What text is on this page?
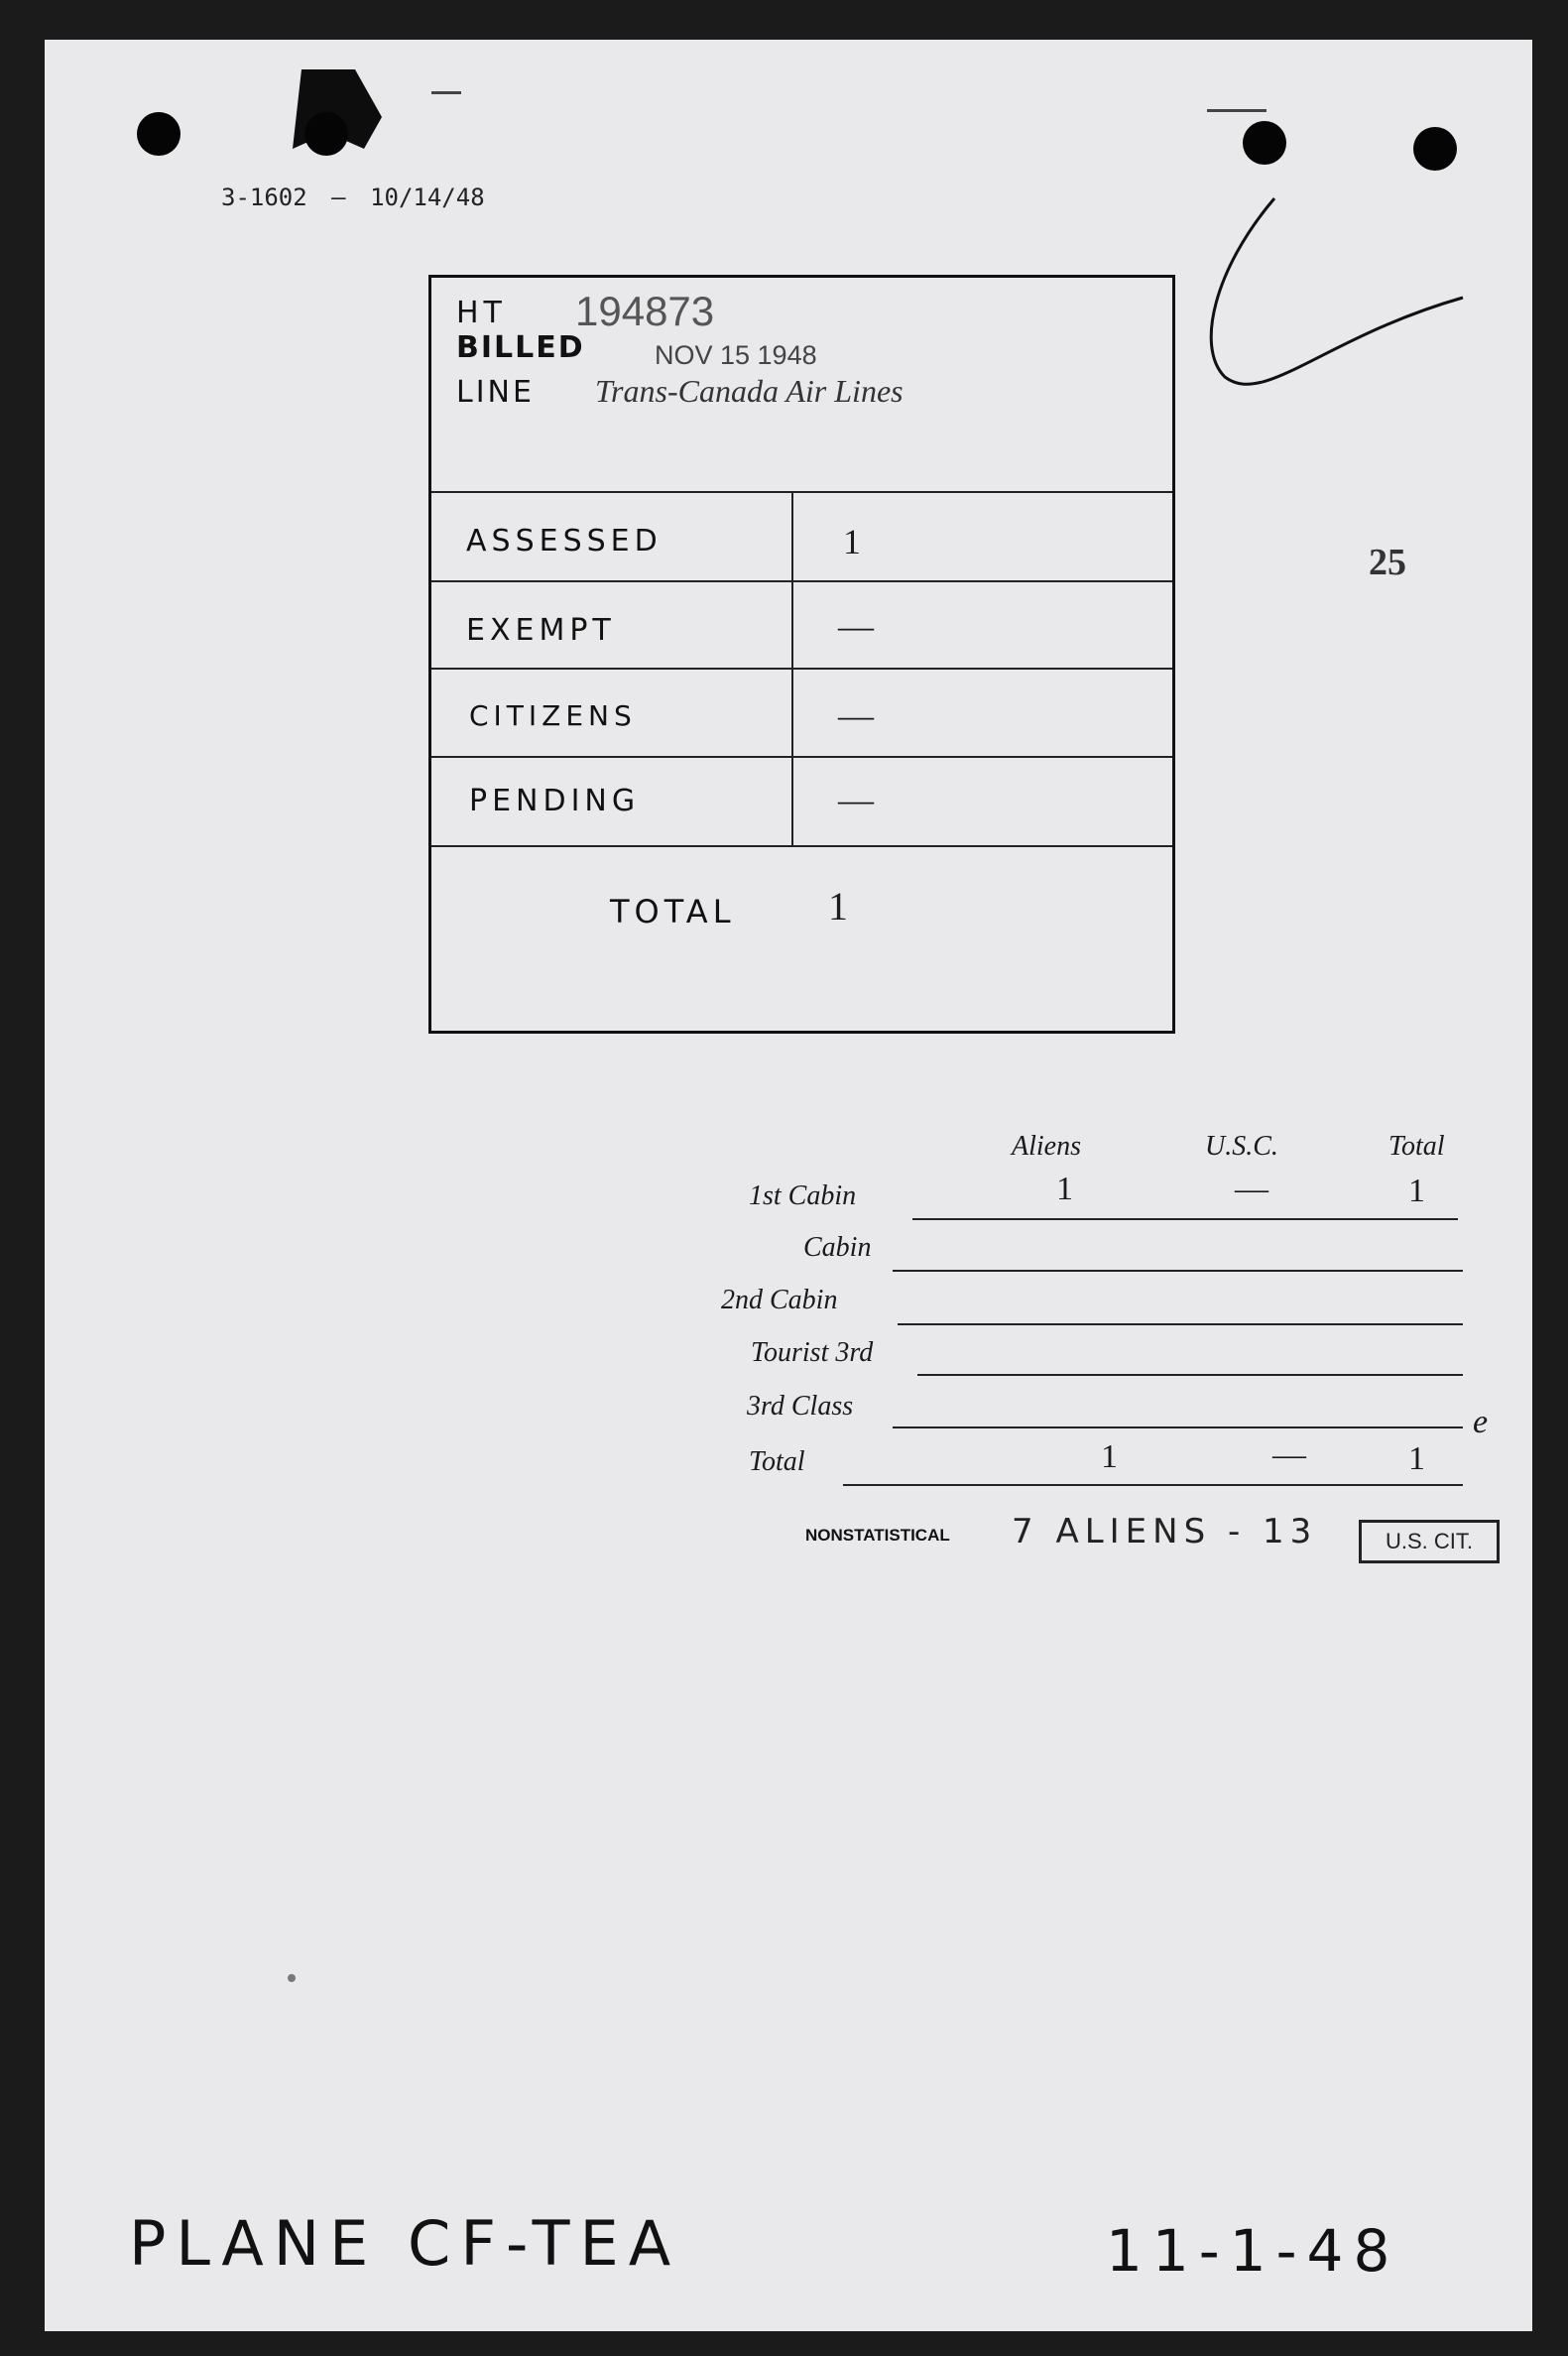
3-1602 — 10/14/48
25
HT 194873
BILLED	NOV 15 1948
LINE Trans-Canada Air Lines
ASSESSED	1
EXEMPT	—
CITIZENS	—
PENDING	—
TOTAL 1
Aliens	U.S.C.	Total
1st Cabin	1	—	1
Cabin
2nd Cabin
Tourist 3rd
3rd Class	e
Total	1	—	1
NONSTATISTICAL 7 ALIENS - 13	U.S. CIT.
PLANE CF-TEA	11-1-48
